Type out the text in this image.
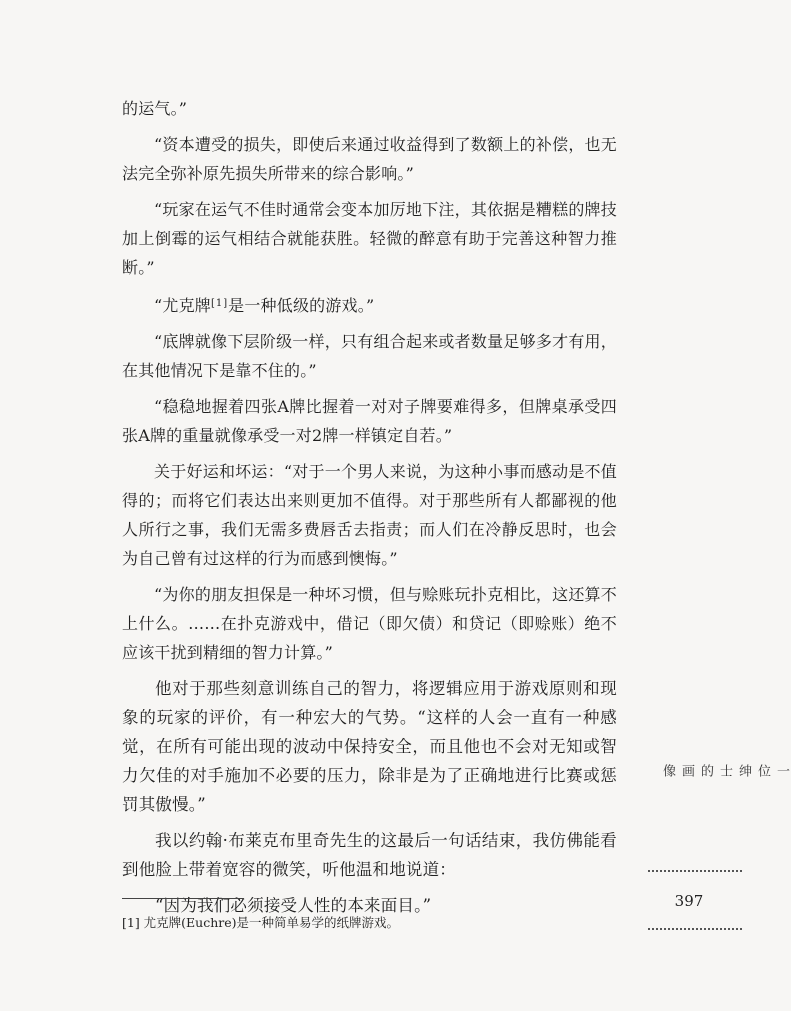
的运气。”

“资本遭受的损失，即使后来通过收益得到了数额上的补偿，也无法完全弥补原先损失所带来的综合影响。”

“玩家在运气不佳时通常会变本加厉地下注，其依据是糟糕的牌技加上倒霉的运气相结合就能获胜。轻微的醉意有助于完善这种智力推断。”

“尤克牌[1]是一种低级的游戏。”

“底牌就像下层阶级一样，只有组合起来或者数量足够多才有用，在其他情况下是靠不住的。”

“稳稳地握着四张A牌比握着一对对子牌要难得多，但牌桌承受四张A牌的重量就像承受一对2牌一样镇定自若。”

关于好运和坏运：“对于一个男人来说，为这种小事而感动是不值得的；而将它们表达出来则更加不值得。对于那些所有人都鄙视的他人所行之事，我们无需多费唇舌去指责；而人们在冷静反思时，也会为自己曾有过这样的行为而感到懊悔。”

“为你的朋友担保是一种坏习惯，但与赊账玩扑克相比，这还算不上什么。……在扑克游戏中，借记（即欠债）和贷记（即赊账）绝不应该干扰到精细的智力计算。”

他对于那些刻意训练自己的智力，将逻辑应用于游戏原则和现象的玩家的评价，有一种宏大的气势。“这样的人会一直有一种感觉，在所有可能出现的波动中保持安全，而且他也不会对无知或智力欠佳的对手施加不必要的压力，除非是为了正确地进行比赛或惩罚其傲慢。”

我以约翰·布莱克布里奇先生的这最后一句话结束，我仿佛能看到他脸上带着宽容的微笑，听他温和地说道：

“因为我们必须接受人性的本来面目。”

一位绅士的画像
397
[1] 尤克牌(Euchre)是一种简单易学的纸牌游戏。
